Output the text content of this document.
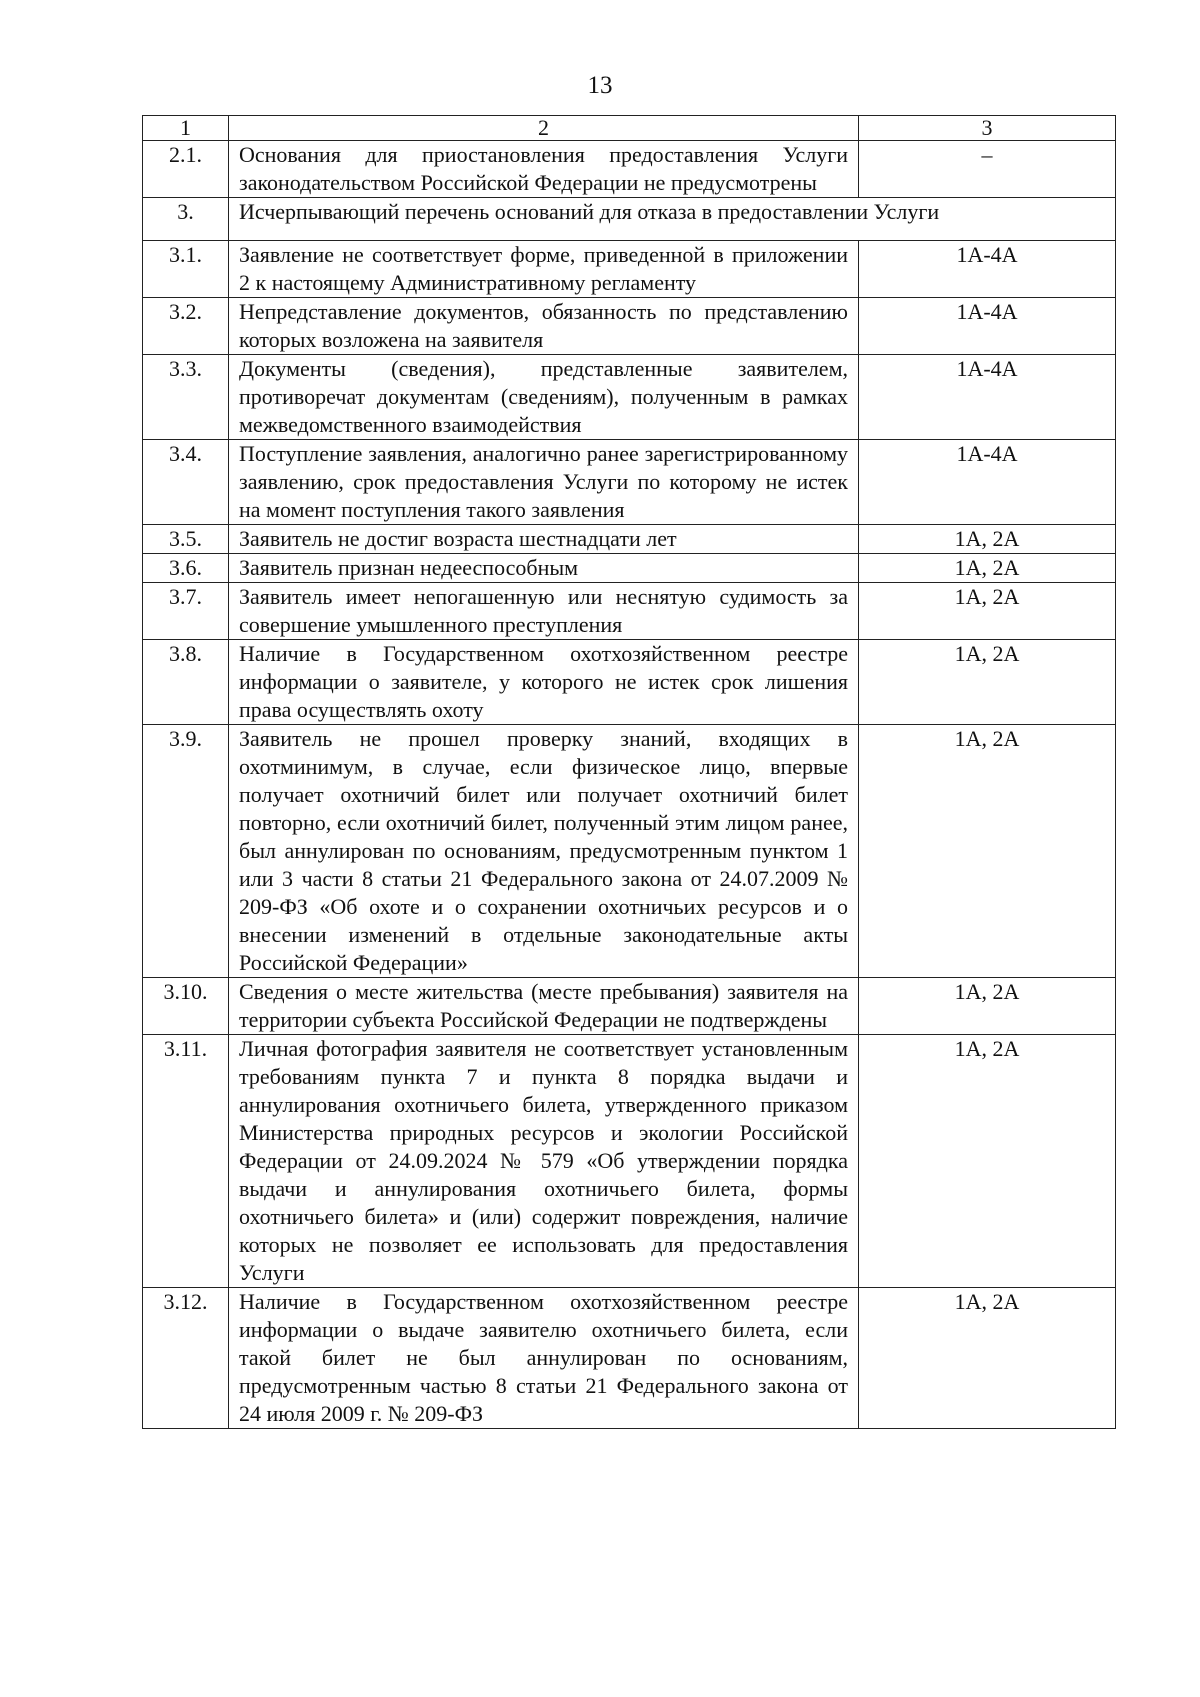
13
1	2	3
2.1.	Основания для приостановления предоставления Услуги законодательством Российской Федерации не предусмотрены	–
3.	Исчерпывающий перечень оснований для отказа в предоставлении Услуги	
3.1.	Заявление не соответствует форме, приведенной в приложении 2 к настоящему Административному регламенту	1А-4А
3.2.	Непредставление документов, обязанность по представлению которых возложена на заявителя	1А-4А
3.3.	Документы (сведения), представленные заявителем, противоречат документам (сведениям), полученным в рамках межведомственного взаимодействия	1А-4А
3.4.	Поступление заявления, аналогично ранее зарегистрированному заявлению, срок предоставления Услуги по которому не истек на момент поступления такого заявления	1А-4А
3.5.	Заявитель не достиг возраста шестнадцати лет	1А, 2А
3.6.	Заявитель признан недееспособным	1А, 2А
3.7.	Заявитель имеет непогашенную или неснятую судимость за совершение умышленного преступления	1А, 2А
3.8.	Наличие в Государственном охотхозяйственном реестре информации о заявителе, у которого не истек срок лишения права осуществлять охоту	1А, 2А
3.9.	Заявитель не прошел проверку знаний, входящих в охотминимум, в случае, если физическое лицо, впервые получает охотничий билет или получает охотничий билет повторно, если охотничий билет, полученный этим лицом ранее, был аннулирован по основаниям, предусмотренным пунктом 1 или 3 части 8 статьи 21 Федерального закона от 24.07.2009 № 209-ФЗ «Об охоте и о сохранении охотничьих ресурсов и о внесении изменений в отдельные законодательные акты Российской Федерации»	1А, 2А
3.10.	Сведения о месте жительства (месте пребывания) заявителя на территории субъекта Российской Федерации не подтверждены	1А, 2А
3.11.	Личная фотография заявителя не соответствует установленным требованиям пункта 7 и пункта 8 порядка выдачи и аннулирования охотничьего билета, утвержденного приказом Министерства природных ресурсов и экологии Российской Федерации от 24.09.2024 № 579 «Об утверждении порядка выдачи и аннулирования охотничьего билета, формы охотничьего билета» и (или) содержит повреждения, наличие которых не позволяет ее использовать для предоставления Услуги	1А, 2А
3.12.	Наличие в Государственном охотхозяйственном реестре информации о выдаче заявителю охотничьего билета, если такой билет не был аннулирован по основаниям, предусмотренным частью 8 статьи 21 Федерального закона от 24 июля 2009 г. № 209-ФЗ	1А, 2А
